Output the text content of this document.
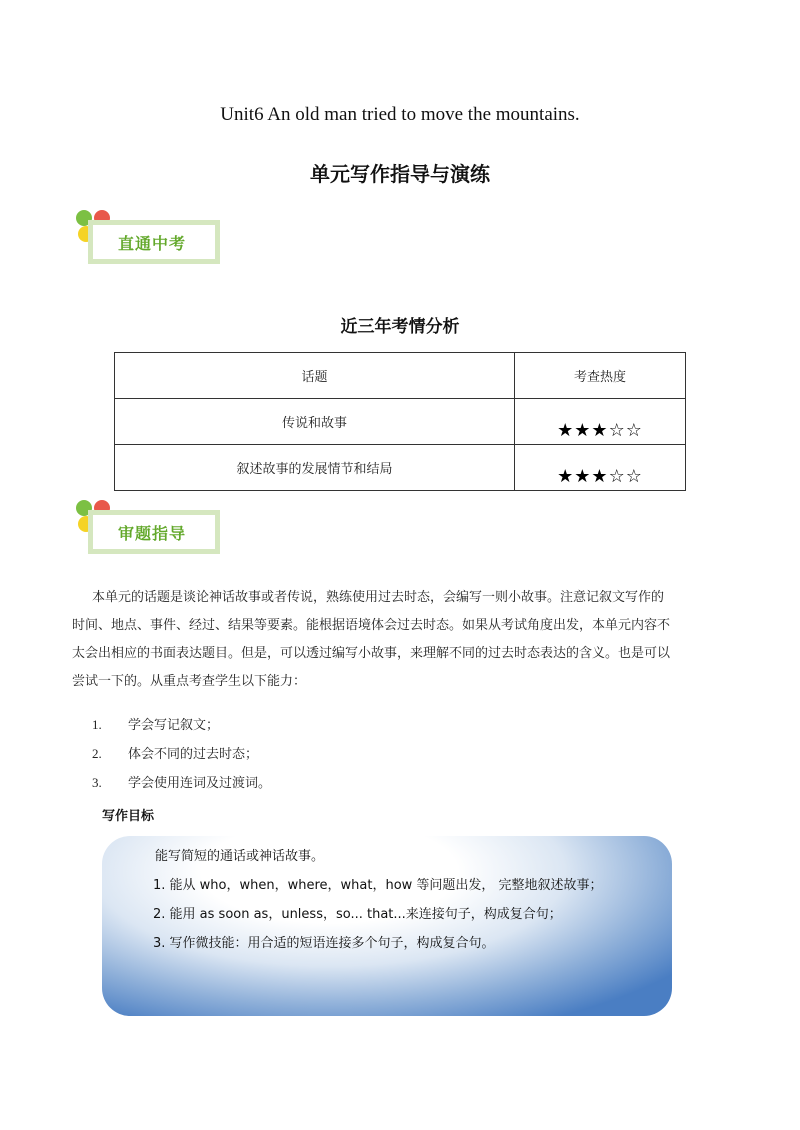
Unit6 An old man tried to move the mountains.
单元写作指导与演练
直通中考
近三年考情分析
话题	考查热度
传说和故事	★★★☆☆
叙述故事的发展情节和结局	★★★☆☆
审题指导
本单元的话题是谈论神话故事或者传说，熟练使用过去时态，会编写一则小故事。注意记叙文写作的
时间、地点、事件、经过、结果等要素。能根据语境体会过去时态。如果从考试角度出发，本单元内容不
太会出相应的书面表达题目。但是，可以透过编写小故事，来理解不同的过去时态表达的含义。也是可以
尝试一下的。从重点考查学生以下能力：
1. 学会写记叙文；
2. 体会不同的过去时态；
3. 学会使用连词及过渡词。
写作目标
能写简短的通话或神话故事。
1. 能从 who，when，where，what，how 等问题出发， 完整地叙述故事；
2. 能用 as soon as，unless，so... that...来连接句子，构成复合句；
3. 写作微技能：用合适的短语连接多个句子，构成复合句。
